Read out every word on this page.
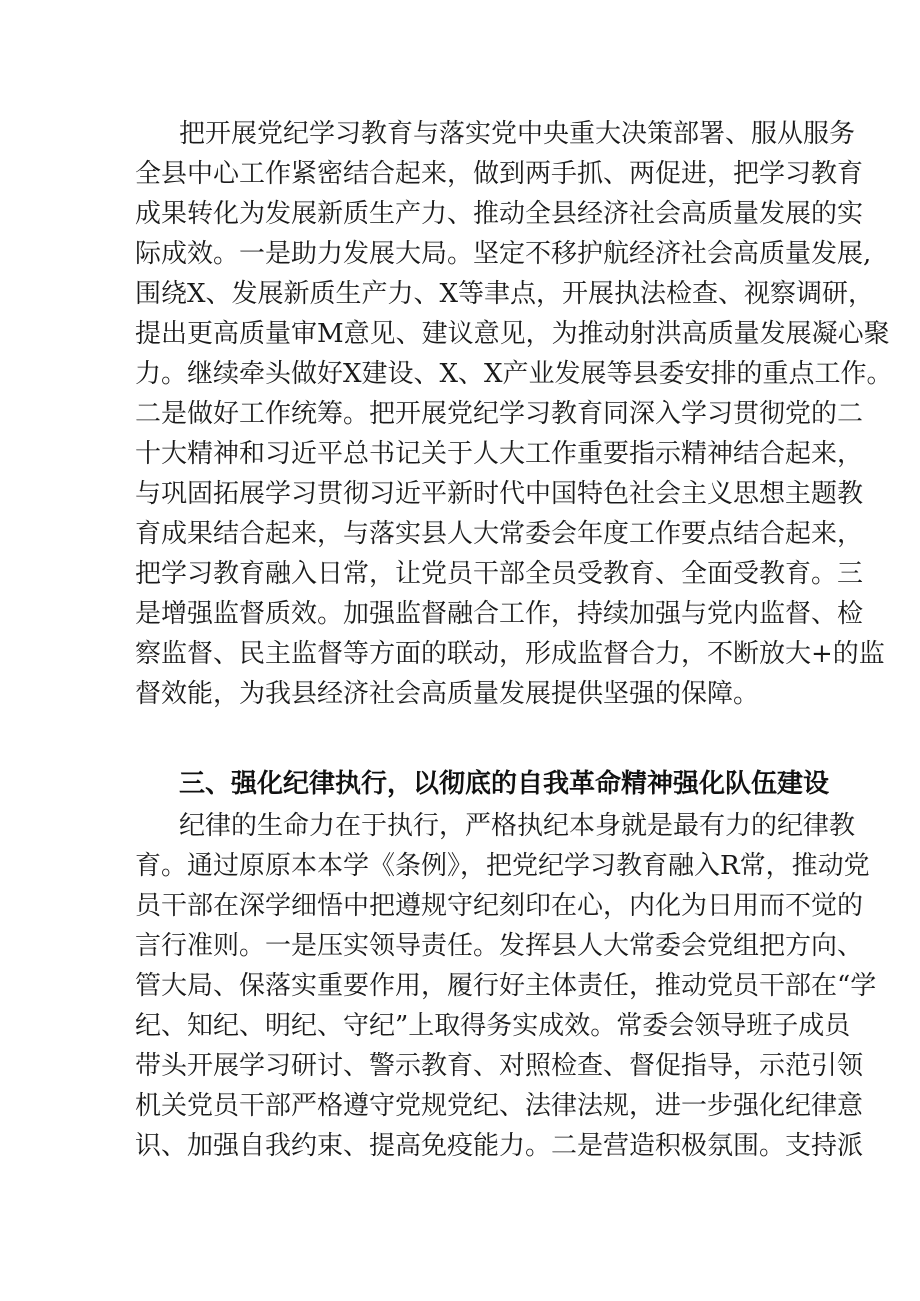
把开展党纪学习教育与落实党中央重大决策部署、服从服务
全县中心工作紧密结合起来，做到两手抓、两促进，把学习教育
成果转化为发展新质生产力、推动全县经济社会高质量发展的实
际成效。一是助力发展大局。坚定不移护航经济社会高质量发展,
围绕X、发展新质生产力、X等聿点，开展执法检查、视察调研，
提出更高质量审M意见、建议意见，为推动射洪高质量发展凝心聚
力。继续牵头做好X建设、X、X产业发展等县委安排的重点工作。
二是做好工作统筹。把开展党纪学习教育同深入学习贯彻党的二
十大精神和习近平总书记关于人大工作重要指示精神结合起来，
与巩固拓展学习贯彻习近平新时代中国特色社会主义思想主题教
育成果结合起来，与落实县人大常委会年度工作要点结合起来，
把学习教育融入日常，让党员干部全员受教育、全面受教育。三
是增强监督质效。加强监督融合工作，持续加强与党内监督、检
察监督、民主监督等方面的联动，形成监督合力，不断放大+的监
督效能，为我县经济社会高质量发展提供坚强的保障。
三、强化纪律执行，以彻底的自我革命精神强化队伍建设
纪律的生命力在于执行，严格执纪本身就是最有力的纪律教
育。通过原原本本学《条例》，把党纪学习教育融入R常，推动党
员干部在深学细悟中把遵规守纪刻印在心，内化为日用而不觉的
言行准则。一是压实领导责任。发挥县人大常委会党组把方向、
管大局、保落实重要作用，履行好主体责任，推动党员干部在“学
纪、知纪、明纪、守纪”上取得务实成效。常委会领导班子成员
带头开展学习研讨、警示教育、对照检查、督促指导，示范引领
机关党员干部严格遵守党规党纪、法律法规，进一步强化纪律意
识、加强自我约束、提高免疫能力。二是营造积极氛围。支持派
